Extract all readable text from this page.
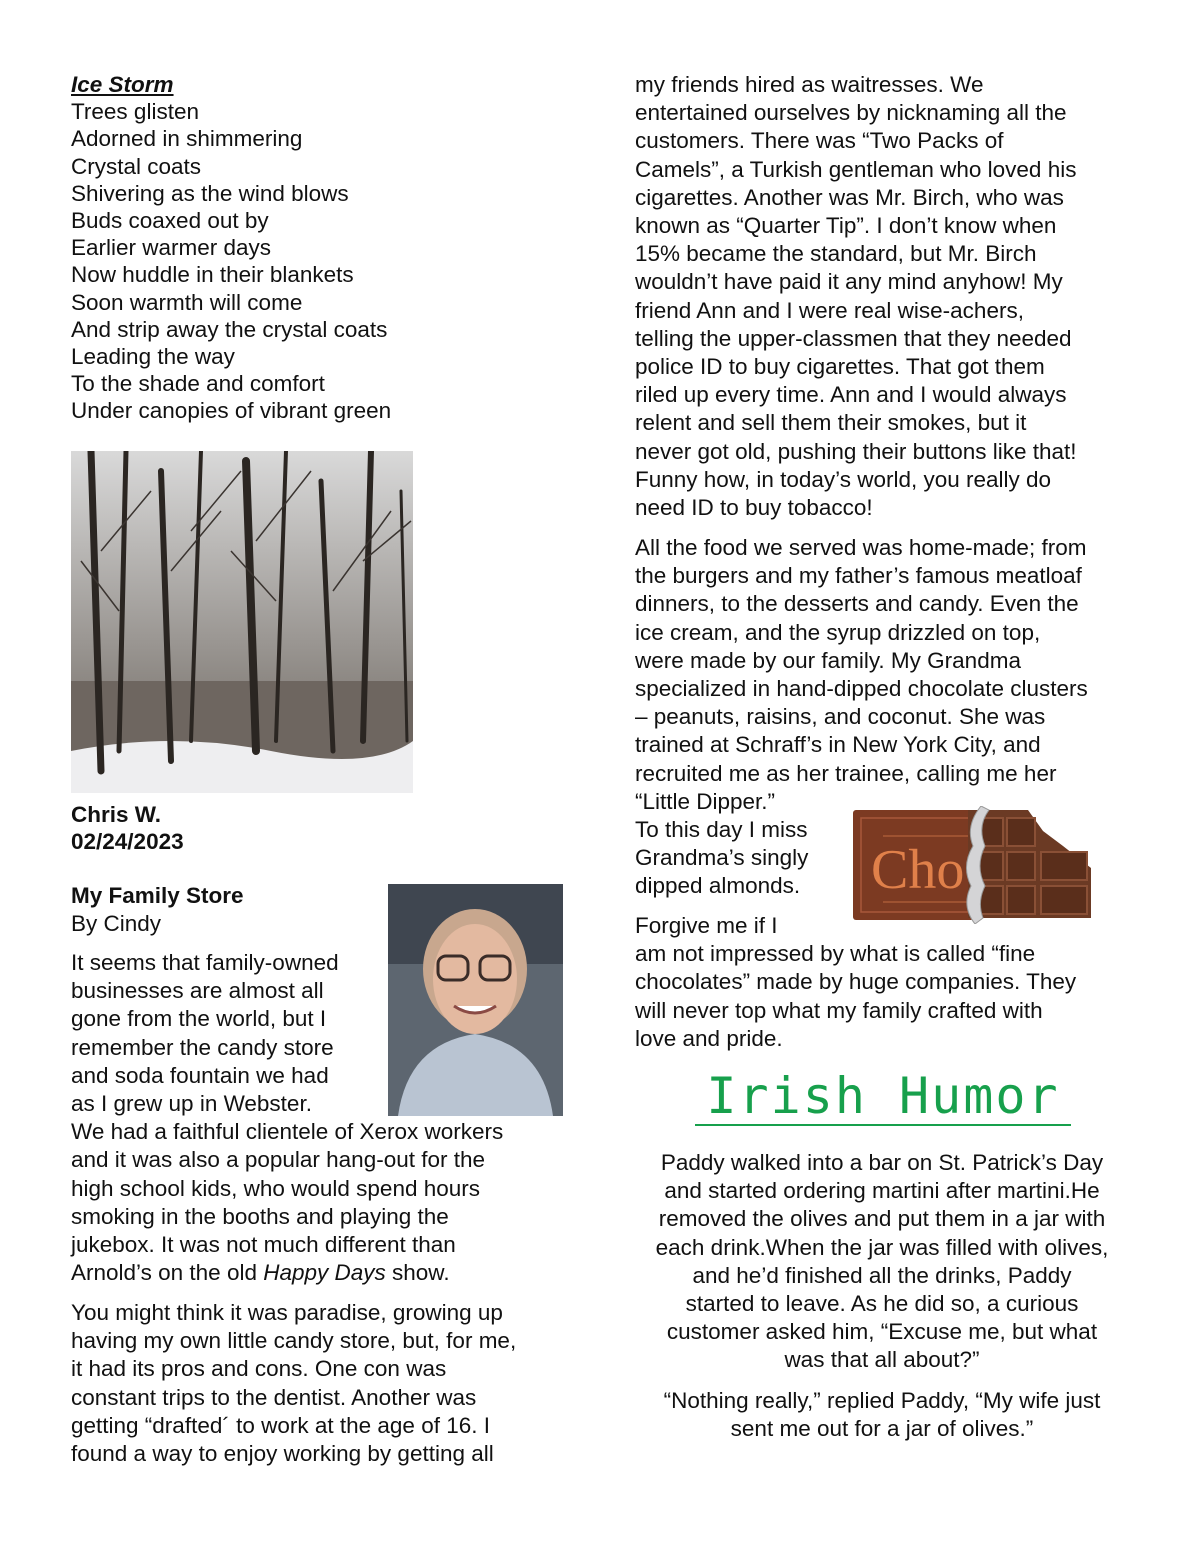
Ice Storm
Trees glisten
Adorned in shimmering
Crystal coats
Shivering as the wind blows
Buds coaxed out by
Earlier warmer days
Now huddle in their blankets
Soon warmth will come
And strip away the crystal coats
Leading the way
To the shade and comfort
Under canopies of vibrant green
Chris W.
02/24/2023
My Family Store
By Cindy
It seems that family-owned
businesses are almost all
gone from the world, but I
remember the candy store
and soda fountain we had
as I grew up in Webster.
We had a faithful clientele of Xerox workers
and it was also a popular hang-out for the
high school kids, who would spend hours
smoking in the booths and playing the
jukebox. It was not much different than
Arnold’s on the old Happy Days show.
You might think it was paradise, growing up
having my own little candy store, but, for me,
it had its pros and cons. One con was
constant trips to the dentist. Another was
getting “drafted´ to work at the age of 16. I
found a way to enjoy working by getting all
my friends hired as waitresses. We
entertained ourselves by nicknaming all the
customers. There was “Two Packs of
Camels”, a Turkish gentleman who loved his
cigarettes. Another was Mr. Birch, who was
known as “Quarter Tip”. I don’t know when
15% became the standard, but Mr. Birch
wouldn’t have paid it any mind anyhow! My
friend Ann and I were real wise-achers,
telling the upper-classmen that they needed
police ID to buy cigarettes. That got them
riled up every time. Ann and I would always
relent and sell them their smokes, but it
never got old, pushing their buttons like that!
Funny how, in today’s world, you really do
need ID to buy tobacco!
All the food we served was home-made; from
the burgers and my father’s famous meatloaf
dinners, to the desserts and candy. Even the
ice cream, and the syrup drizzled on top,
were made by our family. My Grandma
specialized in hand-dipped chocolate clusters
– peanuts, raisins, and coconut. She was
trained at Schraff’s in New York City, and
recruited me as her trainee, calling me her
“Little Dipper.”
To this day I miss
Grandma’s singly
dipped almonds.	Cho
Forgive me if I
am not impressed by what is called “fine
chocolates” made by huge companies. They
will never top what my family crafted with
love and pride.
Irish Humor
Paddy walked into a bar on St. Patrick’s Day
and started ordering martini after martini.He
removed the olives and put them in a jar with
each drink.When the jar was filled with olives,
and he’d finished all the drinks, Paddy
started to leave. As he did so, a curious
customer asked him, “Excuse me, but what
was that all about?”
“Nothing really,” replied Paddy, “My wife just
sent me out for a jar of olives.”
